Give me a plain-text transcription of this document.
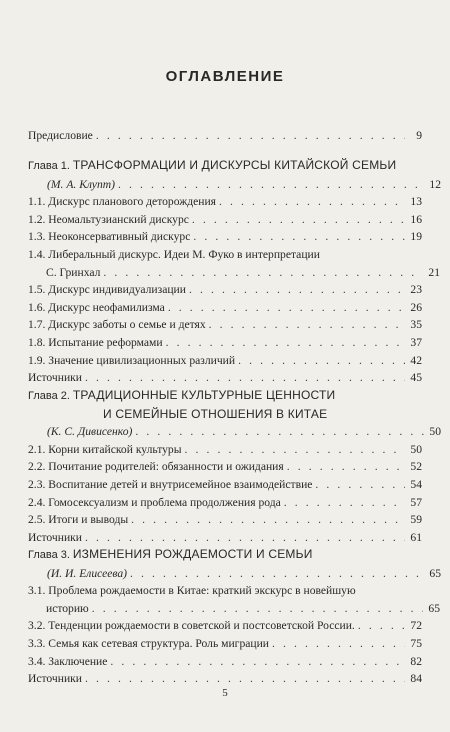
ОГЛАВЛЕНИЕ
Предисловие . . .	9
Глава 1. ТРАНСФОРМАЦИИ И ДИСКУРСЫ КИТАЙСКОЙ СЕМЬИ
(М. А. Клупт) . . .	12
1.1. Дискурс планового деторождения . . .	13
1.2. Неомальтузианский дискурс . . .	16
1.3. Неоконсервативный дискурс . . .	19
1.4. Либеральный дискурс. Идеи М. Фуко в интерпретации
С. Гринхал . . .	21
1.5. Дискурс индивидуализации . . .	23
1.6. Дискурс неофамилизма . . .	26
1.7. Дискурс заботы о семье и детях . . .	35
1.8. Испытание реформами . . .	37
1.9. Значение цивилизационных различий . . .	42
Источники . . .	45
Глава 2. ТРАДИЦИОННЫЕ КУЛЬТУРНЫЕ ЦЕННОСТИ
И СЕМЕЙНЫЕ ОТНОШЕНИЯ В КИТАЕ
(К. С. Дивисенко) . . .	50
2.1. Корни китайской культуры . . .	50
2.2. Почитание родителей: обязанности и ожидания . . .	52
2.3. Воспитание детей и внутрисемейное взаимодействие . . .	54
2.4. Гомосексуализм и проблема продолжения рода . . .	57
2.5. Итоги и выводы . . .	59
Источники . . .	61
Глава 3. ИЗМЕНЕНИЯ РОЖДАЕМОСТИ И СЕМЬИ
(И. И. Елисеева) . . .	65
3.1. Проблема рождаемости в Китае: краткий экскурс в новейшую
историю . . .	65
3.2. Тенденции рождаемости в советской и постсоветской России. . . .	72
3.3. Семья как сетевая структура. Роль миграции . . .	75
3.4. Заключение . . .	82
Источники . . .	84
5
